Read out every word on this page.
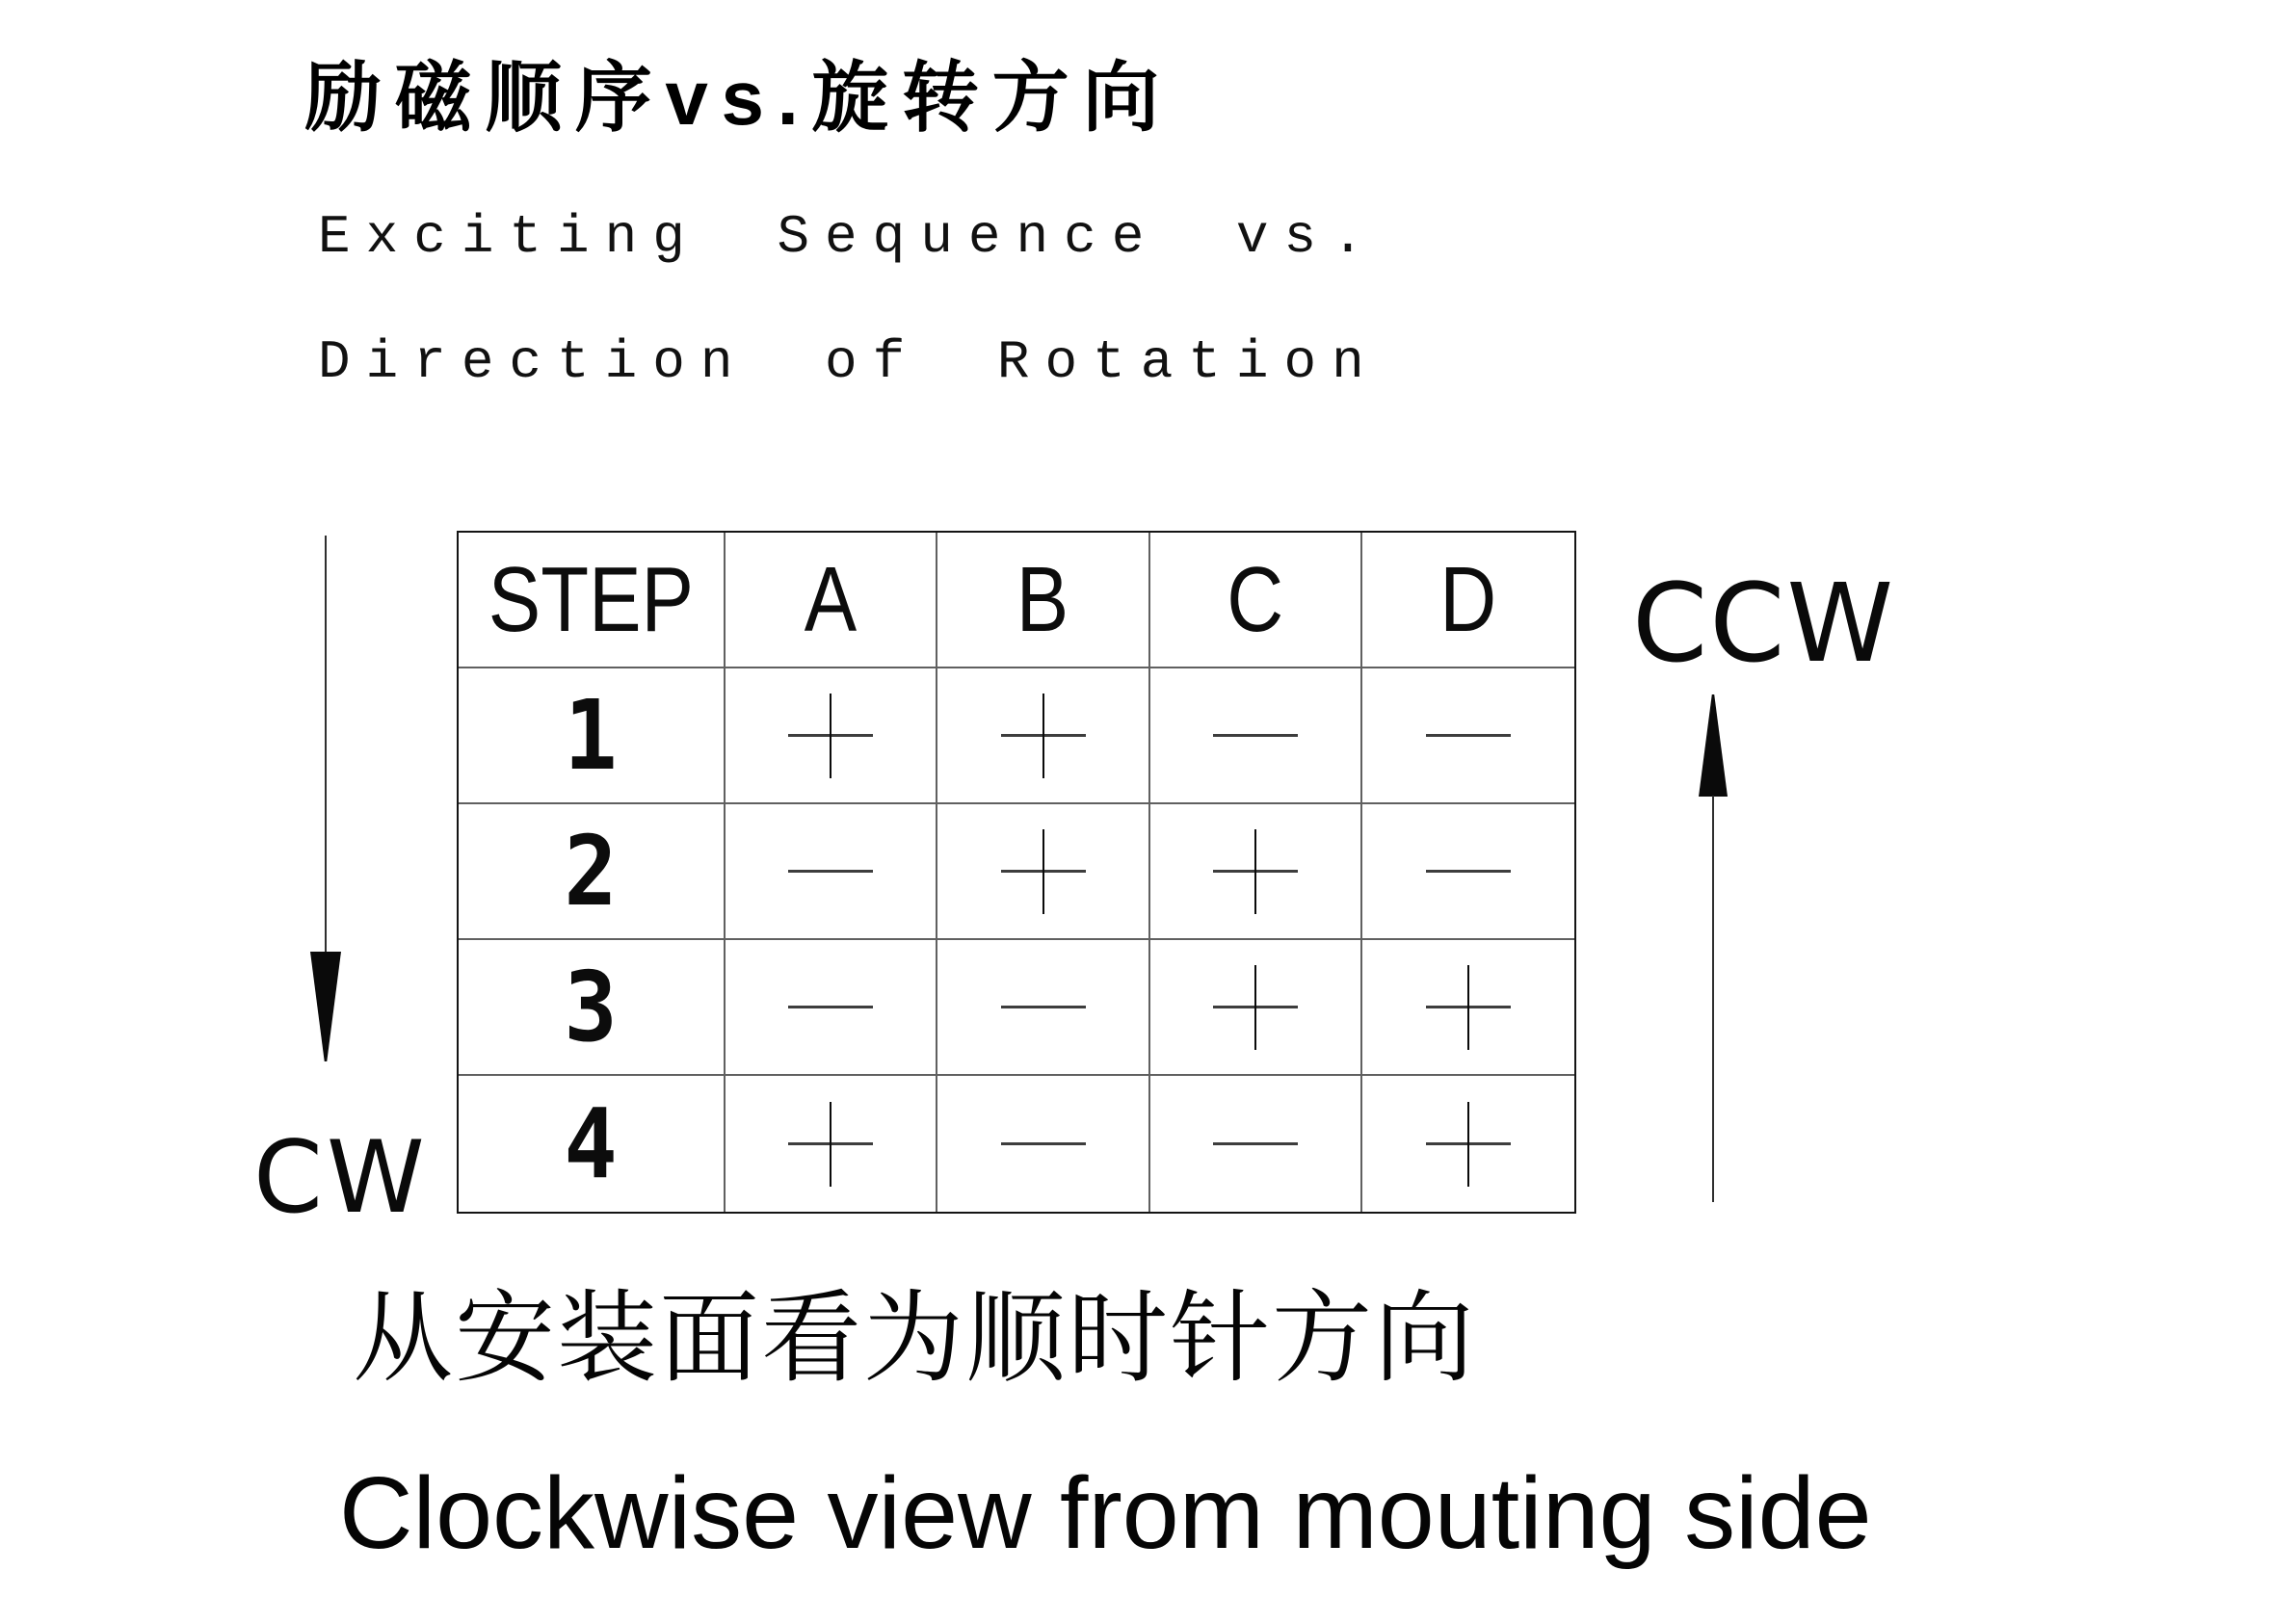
励磁顺序vs.旋转方向
Exciting Sequence vs.
Direction of Rotation
STEP A B C D
1
2
3
4
CW
CCW
从安装面看为顺时针方向
Clockwise view from mouting side
